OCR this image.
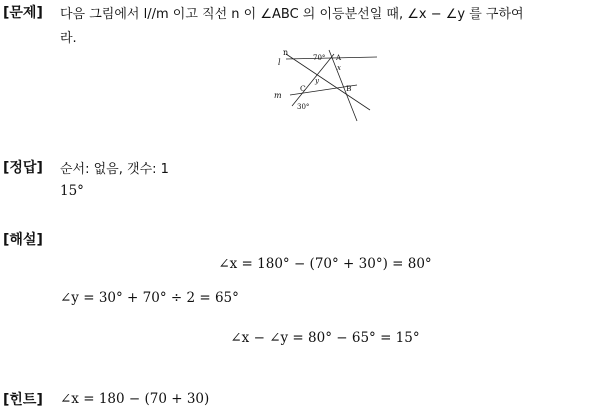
[문제] 다음 그림에서 l//m 이고 직선 n 이 ∠ABC 의 이등분선일 때, ∠x − ∠y 를 구하여
라.
n
l
m
70° A
x
y
C	B
30°
[정답] 순서: 없음, 갯수: 1
15°
[해설]
∠x = 180° − (70° + 30°) = 80°
∠y = 30° + 70° ÷ 2 = 65°
∠x − ∠y = 80° − 65° = 15°
[힌트] ∠x = 180 − (70 + 30)
